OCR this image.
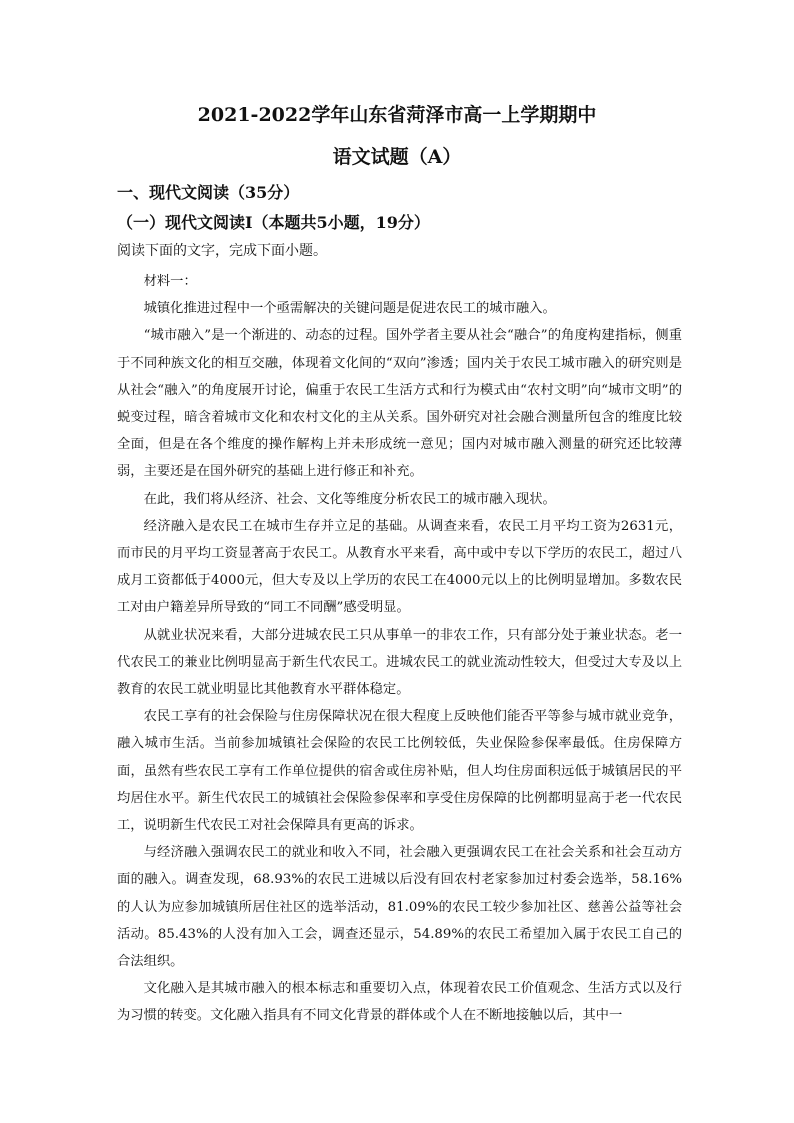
2021-2022学年山东省菏泽市高一上学期期中
语文试题（A）
一、现代文阅读（35分）
（一）现代文阅读Ⅰ（本题共5小题，19分）

阅读下面的文字，完成下面小题。

材料一：

城镇化推进过程中一个亟需解决的关键问题是促进农民工的城市融入。

“城市融入”是一个渐进的、动态的过程。国外学者主要从社会“融合”的角度构建指标，侧重于不同种族文化的相互交融，体现着文化间的“双向”渗透；国内关于农民工城市融入的研究则是从社会“融入”的角度展开讨论，偏重于农民工生活方式和行为模式由“农村文明”向“城市文明”的蜕变过程，暗含着城市文化和农村文化的主从关系。国外研究对社会融合测量所包含的维度比较全面，但是在各个维度的操作解构上并未形成统一意见；国内对城市融入测量的研究还比较薄弱，主要还是在国外研究的基础上进行修正和补充。

在此，我们将从经济、社会、文化等维度分析农民工的城市融入现状。

经济融入是农民工在城市生存并立足的基础。从调查来看，农民工月平均工资为2631元，而市民的月平均工资显著高于农民工。从教育水平来看，高中或中专以下学历的农民工，超过八成月工资都低于4000元，但大专及以上学历的农民工在4000元以上的比例明显增加。多数农民工对由户籍差异所导致的“同工不同酬”感受明显。

从就业状况来看，大部分进城农民工只从事单一的非农工作，只有部分处于兼业状态。老一代农民工的兼业比例明显高于新生代农民工。进城农民工的就业流动性较大，但受过大专及以上教育的农民工就业明显比其他教育水平群体稳定。

农民工享有的社会保险与住房保障状况在很大程度上反映他们能否平等参与城市就业竞争，融入城市生活。当前参加城镇社会保险的农民工比例较低，失业保险参保率最低。住房保障方面，虽然有些农民工享有工作单位提供的宿舍或住房补贴，但人均住房面积远低于城镇居民的平均居住水平。新生代农民工的城镇社会保险参保率和享受住房保障的比例都明显高于老一代农民工，说明新生代农民工对社会保障具有更高的诉求。

与经济融入强调农民工的就业和收入不同，社会融入更强调农民工在社会关系和社会互动方面的融入。调查发现，68.93%的农民工进城以后没有回农村老家参加过村委会选举，58.16%的人认为应参加城镇所居住社区的选举活动，81.09%的农民工较少参加社区、慈善公益等社会活动。85.43%的人没有加入工会，调查还显示，54.89%的农民工希望加入属于农民工自己的合法组织。

文化融入是其城市融入的根本标志和重要切入点，体现着农民工价值观念、生活方式以及行为习惯的转变。文化融入指具有不同文化背景的群体或个人在不断地接触以后，其中一
